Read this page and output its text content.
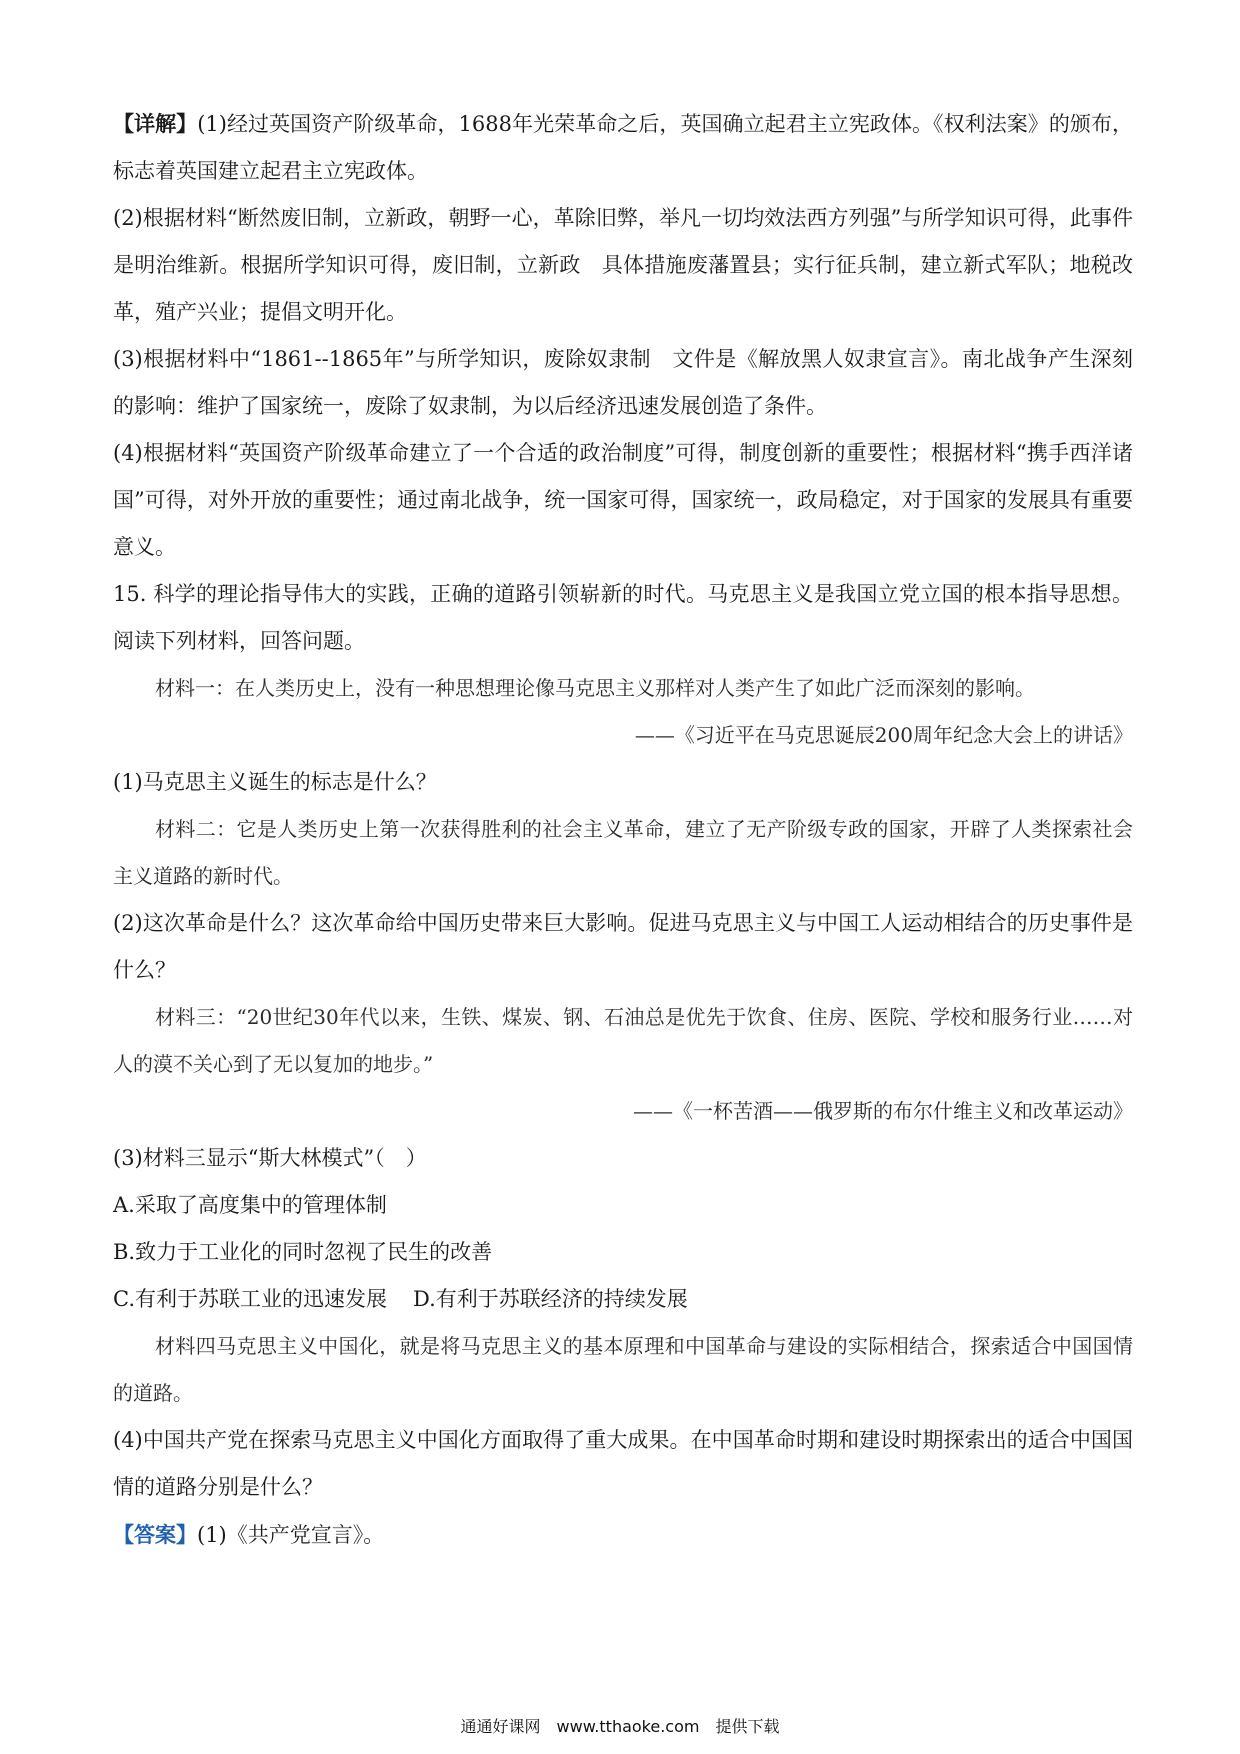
【详解】(1)经过英国资产阶级革命，1688年光荣革命之后，英国确立起君主立宪政体。《权利法案》的颁布，标志着英国建立起君主立宪政体。

(2)根据材料“断然废旧制，立新政，朝野一心，革除旧弊，举凡一切均效法西方列强”与所学知识可得，此事件是明治维新。根据所学知识可得，废旧制，立新政　具体措施废藩置县；实行征兵制，建立新式军队；地税改革，殖产兴业；提倡文明开化。

(3)根据材料中“1861--1865年”与所学知识，废除奴隶制　文件是《解放黑人奴隶宣言》。南北战争产生深刻的影响：维护了国家统一，废除了奴隶制，为以后经济迅速发展创造了条件。

(4)根据材料“英国资产阶级革命建立了一个合适的政治制度”可得，制度创新的重要性；根据材料“携手西洋诸国”可得，对外开放的重要性；通过南北战争，统一国家可得，国家统一，政局稳定，对于国家的发展具有重要意义。

15. 科学的理论指导伟大的实践，正确的道路引领崭新的时代。马克思主义是我国立党立国的根本指导思想。阅读下列材料，回答问题。

材料一：在人类历史上，没有一种思想理论像马克思主义那样对人类产生了如此广泛而深刻的影响。

——《习近平在马克思诞辰200周年纪念大会上的讲话》

(1)马克思主义诞生的标志是什么？

材料二：它是人类历史上第一次获得胜利的社会主义革命，建立了无产阶级专政的国家，开辟了人类探索社会主义道路的新时代。

(2)这次革命是什么？这次革命给中国历史带来巨大影响。促进马克思主义与中国工人运动相结合的历史事件是什么？

材料三：“20世纪30年代以来，生铁、煤炭、钢、石油总是优先于饮食、住房、医院、学校和服务行业……对人的漠不关心到了无以复加的地步。”

——《一杯苦酒——俄罗斯的布尔什维主义和改革运动》

(3)材料三显示“斯大林模式”（　）

A.采取了高度集中的管理体制

B.致力于工业化的同时忽视了民生的改善

C.有利于苏联工业的迅速发展 D.有利于苏联经济的持续发展

材料四马克思主义中国化，就是将马克思主义的基本原理和中国革命与建设的实际相结合，探索适合中国国情的道路。

(4)中国共产党在探索马克思主义中国化方面取得了重大成果。在中国革命时期和建设时期探索出的适合中国国情的道路分别是什么？

【答案】(1)《共产党宣言》。

通通好课网　www.tthaoke.com　提供下载
